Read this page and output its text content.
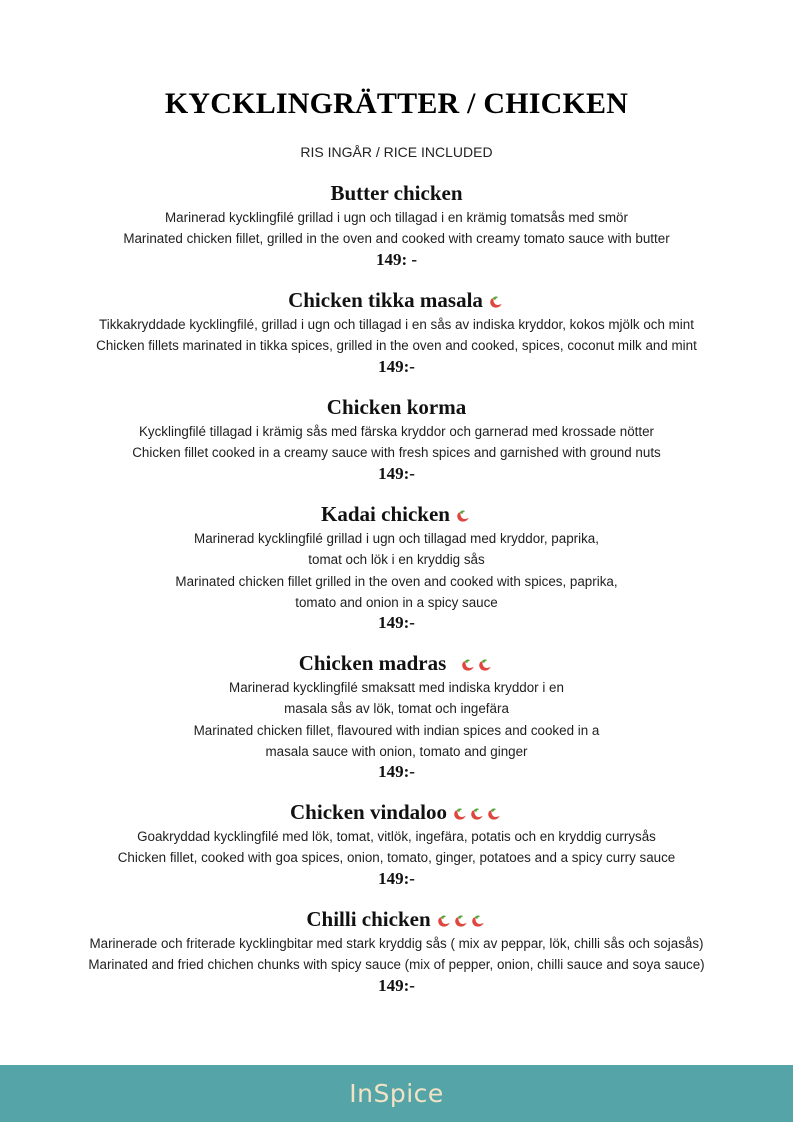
KYCKLINGRÄTTER / CHICKEN
RIS INGÅR / RICE INCLUDED
Butter chicken
Marinerad kycklingfilé grillad i ugn och tillagad i en krämig tomatsås med smör
Marinated chicken fillet, grilled in the oven and cooked with creamy tomato sauce with butter
149: -
Chicken tikka masala
Tikkakryddade kycklingfilé, grillad i ugn och tillagad i en sås av indiska kryddor, kokos mjölk och mint
Chicken fillets marinated in tikka spices, grilled in the oven and cooked, spices, coconut milk and mint
149:-
Chicken korma
Kycklingfilé tillagad i krämig sås med färska kryddor och garnerad med krossade nötter
Chicken fillet cooked in a creamy sauce with fresh spices and garnished with ground nuts
149:-
Kadai chicken
Marinerad kycklingfilé grillad i ugn och tillagad med kryddor, paprika,
tomat och lök i en kryddig sås
Marinated chicken fillet grilled in the oven and cooked with spices, paprika,
tomato and onion in a spicy sauce
149:-
Chicken madras
Marinerad kycklingfilé smaksatt med indiska kryddor i en
masala sås av lök, tomat och ingefära
Marinated chicken fillet, flavoured with indian spices and cooked in a
masala sauce with onion, tomato and ginger
149:-
Chicken vindaloo
Goakryddad kycklingfilé med lök, tomat, vitlök, ingefära, potatis och en kryddig currysås
Chicken fillet, cooked with goa spices, onion, tomato, ginger, potatoes and a spicy curry sauce
149:-
Chilli chicken
Marinerade och friterade kycklingbitar med stark kryddig sås ( mix av peppar, lök, chilli sås och sojasås)
Marinated and fried chichen chunks with spicy sauce (mix of pepper, onion, chilli sauce and soya sauce)
149:-
InSpice
